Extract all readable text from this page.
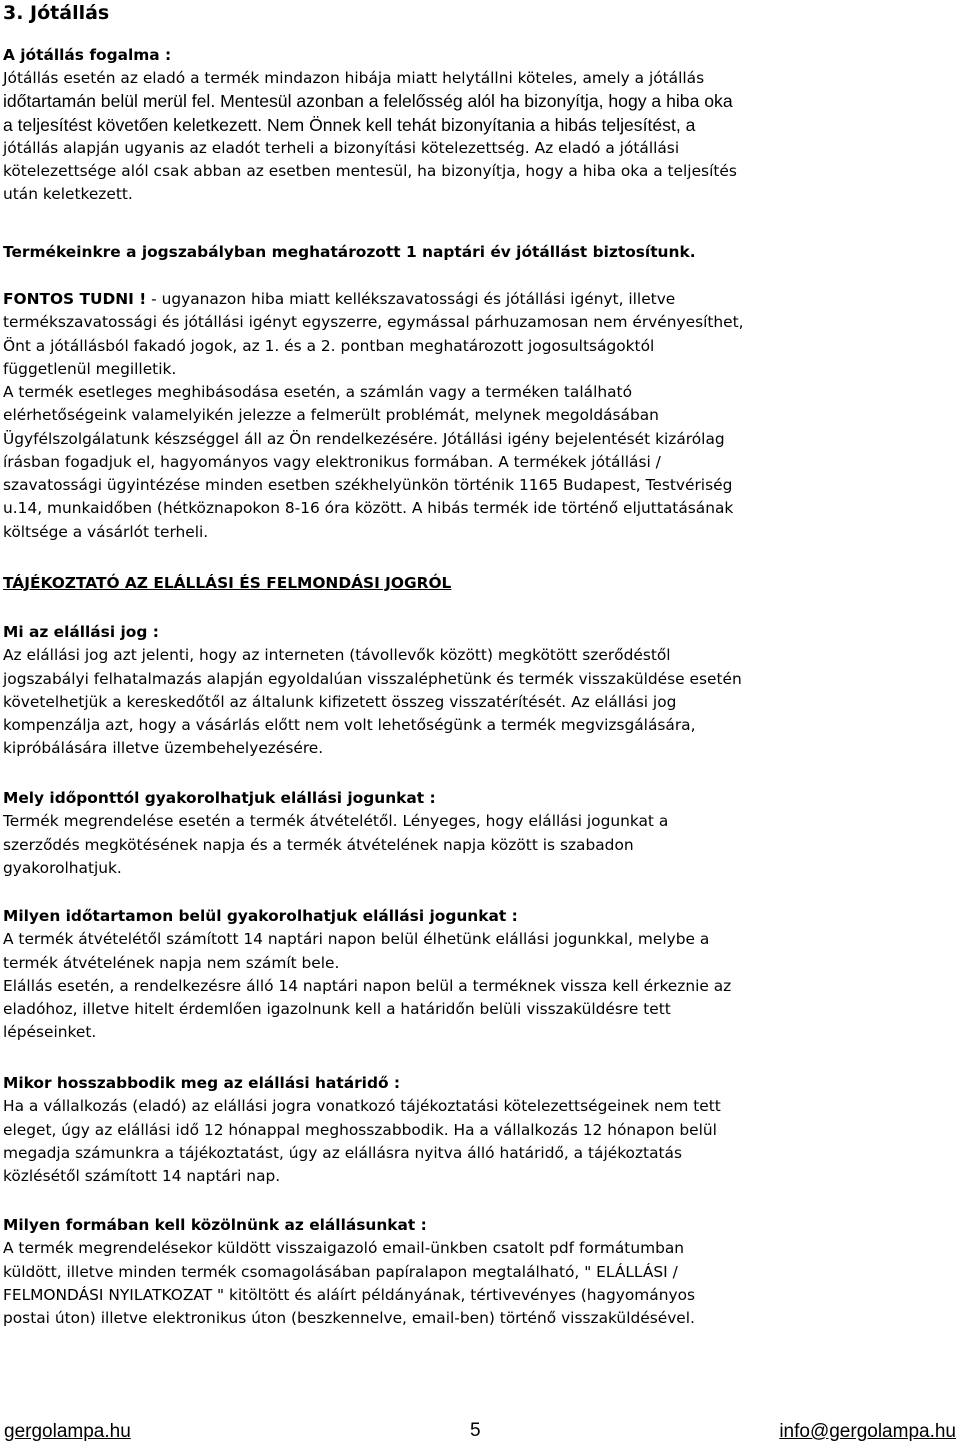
3. Jótállás
A jótállás fogalma :
Jótállás esetén az eladó a termék mindazon hibája miatt helytállni köteles, amely a jótállás
időtartamán belül merül fel. Mentesül azonban a felelősség alól ha bizonyítja, hogy a hiba oka
a teljesítést követően keletkezett. Nem Önnek kell tehát bizonyítania a hibás teljesítést, a
jótállás alapján ugyanis az eladót terheli a bizonyítási kötelezettség. Az eladó a jótállási
kötelezettsége alól csak abban az esetben mentesül, ha bizonyítja, hogy a hiba oka a teljesítés
után keletkezett.
Termékeinkre a jogszabályban meghatározott 1 naptári év jótállást biztosítunk.
FONTOS TUDNI ! - ugyanazon hiba miatt kellékszavatossági és jótállási igényt, illetve
termékszavatossági és jótállási igényt egyszerre, egymással párhuzamosan nem érvényesíthet,
Önt a jótállásból fakadó jogok, az 1. és a 2. pontban meghatározott jogosultságoktól
függetlenül megilletik.
A termék esetleges meghibásodása esetén, a számlán vagy a terméken található
elérhetőségeink valamelyikén jelezze a felmerült problémát, melynek megoldásában
Ügyfélszolgálatunk készséggel áll az Ön rendelkezésére. Jótállási igény bejelentését kizárólag
írásban fogadjuk el, hagyományos vagy elektronikus formában. A termékek jótállási /
szavatossági ügyintézése minden esetben székhelyünkön történik 1165 Budapest, Testvériség
u.14, munkaidőben (hétköznapokon 8-16 óra között. A hibás termék ide történő eljuttatásának
költsége a vásárlót terheli.
TÁJÉKOZTATÓ AZ ELÁLLÁSI ÉS FELMONDÁSI JOGRÓL
Mi az elállási jog :
Az elállási jog azt jelenti, hogy az interneten (távollevők között) megkötött szerődéstől
jogszabályi felhatalmazás alapján egyoldalúan visszaléphetünk és termék visszaküldése esetén
követelhetjük a kereskedőtől az általunk kifizetett összeg visszatérítését. Az elállási jog
kompenzálja azt, hogy a vásárlás előtt nem volt lehetőségünk a termék megvizsgálására,
kipróbálására illetve üzembehelyezésére.
Mely időponttól gyakorolhatjuk elállási jogunkat :
Termék megrendelése esetén a termék átvételétől. Lényeges, hogy elállási jogunkat a
szerződés megkötésének napja és a termék átvételének napja között is szabadon
gyakorolhatjuk.
Milyen időtartamon belül gyakorolhatjuk elállási jogunkat :
A termék átvételétől számított 14 naptári napon belül élhetünk elállási jogunkkal, melybe a
termék átvételének napja nem számít bele.
Elállás esetén, a rendelkezésre álló 14 naptári napon belül a terméknek vissza kell érkeznie az
eladóhoz, illetve hitelt érdemlően igazolnunk kell a határidőn belüli visszaküldésre tett
lépéseinket.
Mikor hosszabbodik meg az elállási határidő :
Ha a vállalkozás (eladó) az elállási jogra vonatkozó tájékoztatási kötelezettségeinek nem tett
eleget, úgy az elállási idő 12 hónappal meghosszabbodik. Ha a vállalkozás 12 hónapon belül
megadja számunkra a tájékoztatást, úgy az elállásra nyitva álló határidő, a tájékoztatás
közlésétől számított 14 naptári nap.
Milyen formában kell közölnünk az elállásunkat :
A termék megrendelésekor küldött visszaigazoló email-ünkben csatolt pdf formátumban
küldött, illetve minden termék csomagolásában papíralapon megtalálható, " ELÁLLÁSI /
FELMONDÁSI NYILATKOZAT " kitöltött és aláírt példányának, tértivevényes (hagyományos
postai úton) illetve elektronikus úton (beszkennelve, email-ben) történő visszaküldésével.
gergolampa.hu	5	info@gergolampa.hu
